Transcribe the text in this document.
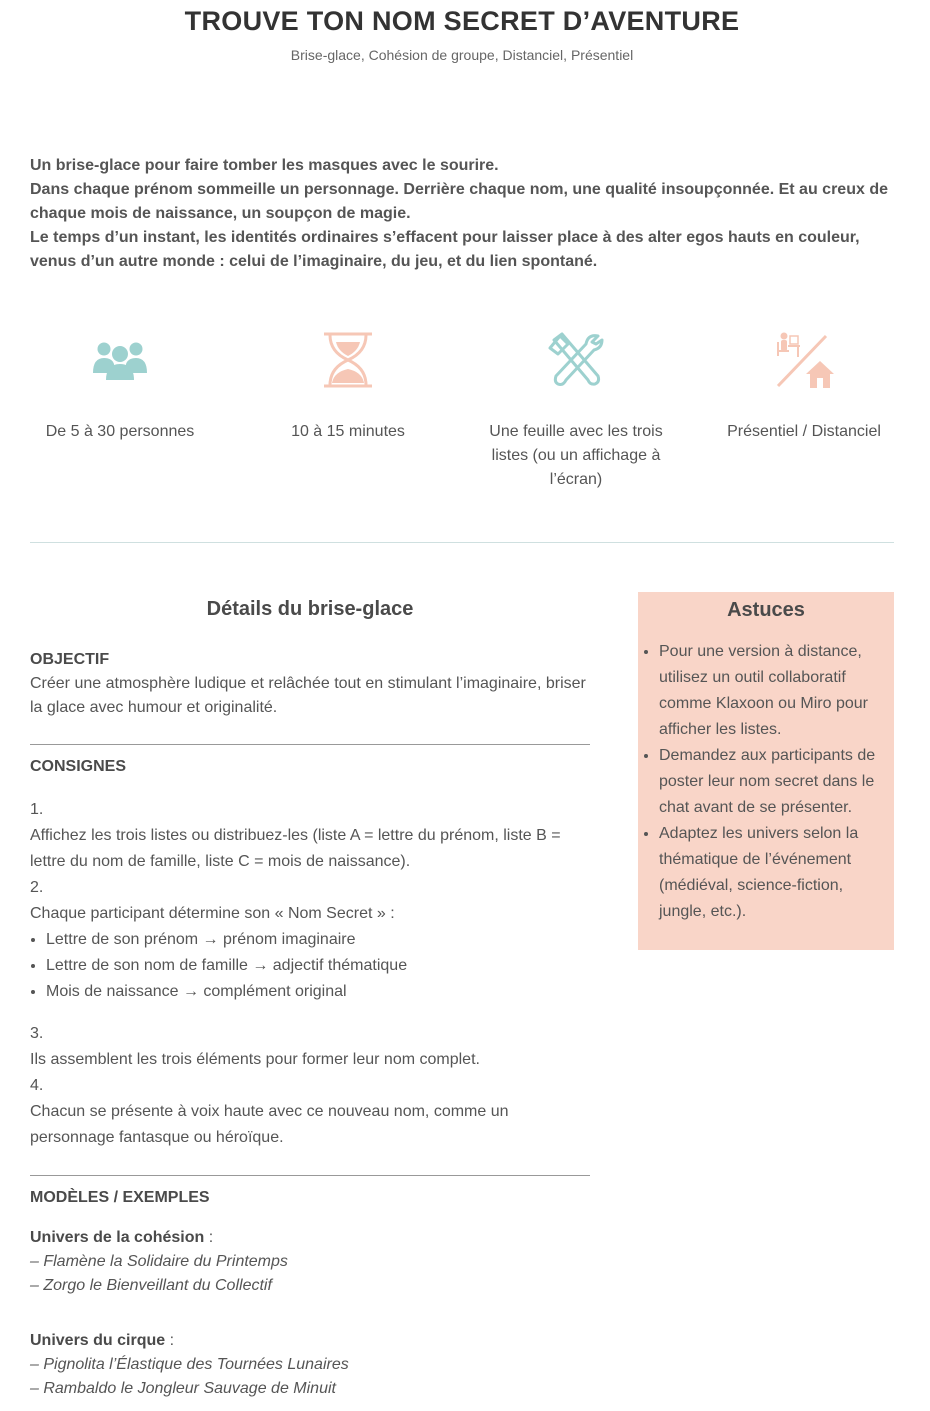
TROUVE TON NOM SECRET D’AVENTURE
Brise-glace, Cohésion de groupe, Distanciel, Présentiel

Un brise-glace pour faire tomber les masques avec le sourire.

Dans chaque prénom sommeille un personnage. Derrière chaque nom, une qualité insoupçonnée. Et au creux de chaque mois de naissance, un soupçon de magie.

Le temps d’un instant, les identités ordinaires s’effacent pour laisser place à des alter egos hauts en couleur, venus d’un autre monde : celui de l’imaginaire, du jeu, et du lien spontané.

De 5 à 30 personnes	10 à 15 minutes	Une feuille avec les trois listes (ou un affichage à l’écran)
Présentiel / Distanciel
Détails du brise-glace
OBJECTIF
Créer une atmosphère ludique et relâchée tout en stimulant l’imaginaire, briser la glace avec humour et originalité.
CONSIGNES
1.
Affichez les trois listes ou distribuez-les (liste A = lettre du prénom, liste B = lettre du nom de famille, liste C = mois de naissance).
2.
Chaque participant détermine son « Nom Secret » :
• Lettre de son prénom → prénom imaginaire
• Lettre de son nom de famille → adjectif thématique
• Mois de naissance → complément original
3.
Ils assemblent les trois éléments pour former leur nom complet.
4.
Chacun se présente à voix haute avec ce nouveau nom, comme un personnage fantasque ou héroïque.
MODÈLES / EXEMPLES
Univers de la cohésion :
– Flamène la Solidaire du Printemps
– Zorgo le Bienveillant du Collectif
Univers du cirque :
– Pignolita l’Élastique des Tournées Lunaires
– Rambaldo le Jongleur Sauvage de Minuit
Astuces
• Pour une version à distance, utilisez un outil collaboratif comme Klaxoon ou Miro pour afficher les listes.
• Demandez aux participants de poster leur nom secret dans le chat avant de se présenter.
• Adaptez les univers selon la thématique de l’événement (médiéval, science-fiction, jungle, etc.).
